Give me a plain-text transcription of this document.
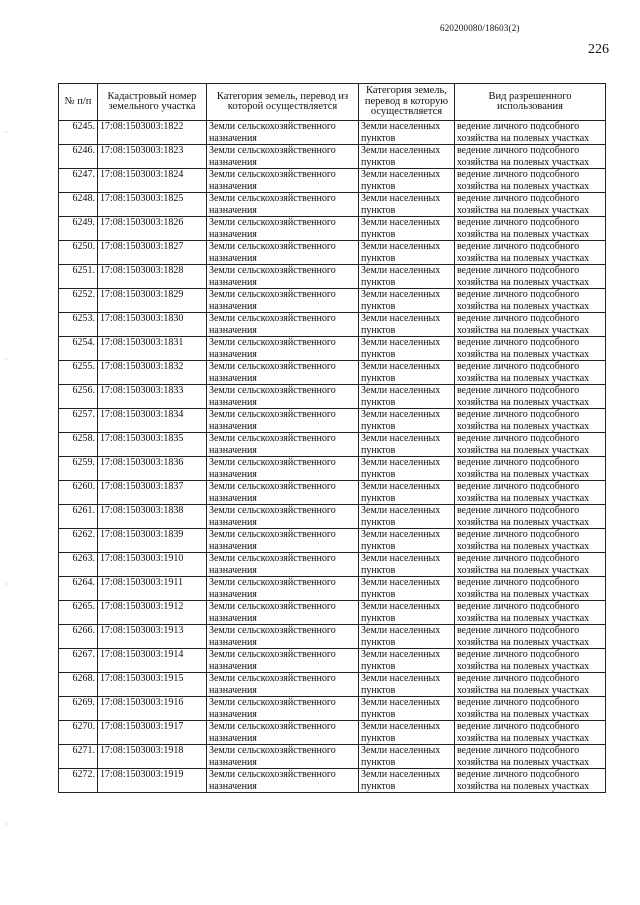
620200080/18603(2)
226
·
·
·
·
№ п/п	Кадастровый номер земельного участка	Категория земель, перевод из которой осуществляется	Категория земель, перевод в которую осуществляется	Вид разрешенного использования
6245.	17:08:1503003:1822	Земли сельскохозяйственного
назначения	Земли населенных
пунктов	ведение личного подсобного
хозяйства на полевых участках

6246.	17:08:1503003:1823	Земли сельскохозяйственного
назначения	Земли населенных
пунктов	ведение личного подсобного
хозяйства на полевых участках

6247.	17:08:1503003:1824	Земли сельскохозяйственного
назначения	Земли населенных
пунктов	ведение личного подсобного
хозяйства на полевых участках

6248.	17:08:1503003:1825	Земли сельскохозяйственного
назначения	Земли населенных
пунктов	ведение личного подсобного
хозяйства на полевых участках

6249.	17:08:1503003:1826	Земли сельскохозяйственного
назначения	Земли населенных
пунктов	ведение личного подсобного
хозяйства на полевых участках

6250.	17:08:1503003:1827	Земли сельскохозяйственного
назначения	Земли населенных
пунктов	ведение личного подсобного
хозяйства на полевых участках

6251.	17:08:1503003:1828	Земли сельскохозяйственного
назначения	Земли населенных
пунктов	ведение личного подсобного
хозяйства на полевых участках

6252.	17:08:1503003:1829	Земли сельскохозяйственного
назначения	Земли населенных
пунктов	ведение личного подсобного
хозяйства на полевых участках

6253.	17:08:1503003:1830	Земли сельскохозяйственного
назначения	Земли населенных
пунктов	ведение личного подсобного
хозяйства на полевых участках

6254.	17:08:1503003:1831	Земли сельскохозяйственного
назначения	Земли населенных
пунктов	ведение личного подсобного
хозяйства на полевых участках

6255.	17:08:1503003:1832	Земли сельскохозяйственного
назначения	Земли населенных
пунктов	ведение личного подсобного
хозяйства на полевых участках

6256.	17:08:1503003:1833	Земли сельскохозяйственного
назначения	Земли населенных
пунктов	ведение личного подсобного
хозяйства на полевых участках

6257.	17:08:1503003:1834	Земли сельскохозяйственного
назначения	Земли населенных
пунктов	ведение личного подсобного
хозяйства на полевых участках

6258.	17:08:1503003:1835	Земли сельскохозяйственного
назначения	Земли населенных
пунктов	ведение личного подсобного
хозяйства на полевых участках

6259.	17:08:1503003:1836	Земли сельскохозяйственного
назначения	Земли населенных
пунктов	ведение личного подсобного
хозяйства на полевых участках

6260.	17:08:1503003:1837	Земли сельскохозяйственного
назначения	Земли населенных
пунктов	ведение личного подсобного
хозяйства на полевых участках

6261.	17:08:1503003:1838	Земли сельскохозяйственного
назначения	Земли населенных
пунктов	ведение личного подсобного
хозяйства на полевых участках

6262.	17:08:1503003:1839	Земли сельскохозяйственного
назначения	Земли населенных
пунктов	ведение личного подсобного
хозяйства на полевых участках

6263.	17:08:1503003:1910	Земли сельскохозяйственного
назначения	Земли населенных
пунктов	ведение личного подсобного
хозяйства на полевых участках

6264.	17:08:1503003:1911	Земли сельскохозяйственного
назначения	Земли населенных
пунктов	ведение личного подсобного
хозяйства на полевых участках

6265.	17:08:1503003:1912	Земли сельскохозяйственного
назначения	Земли населенных
пунктов	ведение личного подсобного
хозяйства на полевых участках

6266.	17:08:1503003:1913	Земли сельскохозяйственного
назначения	Земли населенных
пунктов	ведение личного подсобного
хозяйства на полевых участках

6267.	17:08:1503003:1914	Земли сельскохозяйственного
назначения	Земли населенных
пунктов	ведение личного подсобного
хозяйства на полевых участках

6268.	17:08:1503003:1915	Земли сельскохозяйственного
назначения	Земли населенных
пунктов	ведение личного подсобного
хозяйства на полевых участках

6269.	17:08:1503003:1916	Земли сельскохозяйственного
назначения	Земли населенных
пунктов	ведение личного подсобного
хозяйства на полевых участках

6270.	17:08:1503003:1917	Земли сельскохозяйственного
назначения	Земли населенных
пунктов	ведение личного подсобного
хозяйства на полевых участках

6271.	17:08:1503003:1918	Земли сельскохозяйственного
назначения	Земли населенных
пунктов	ведение личного подсобного
хозяйства на полевых участках

6272.	17:08:1503003:1919	Земли сельскохозяйственного
назначения	Земли населенных
пунктов	ведение личного подсобного
хозяйства на полевых участках
